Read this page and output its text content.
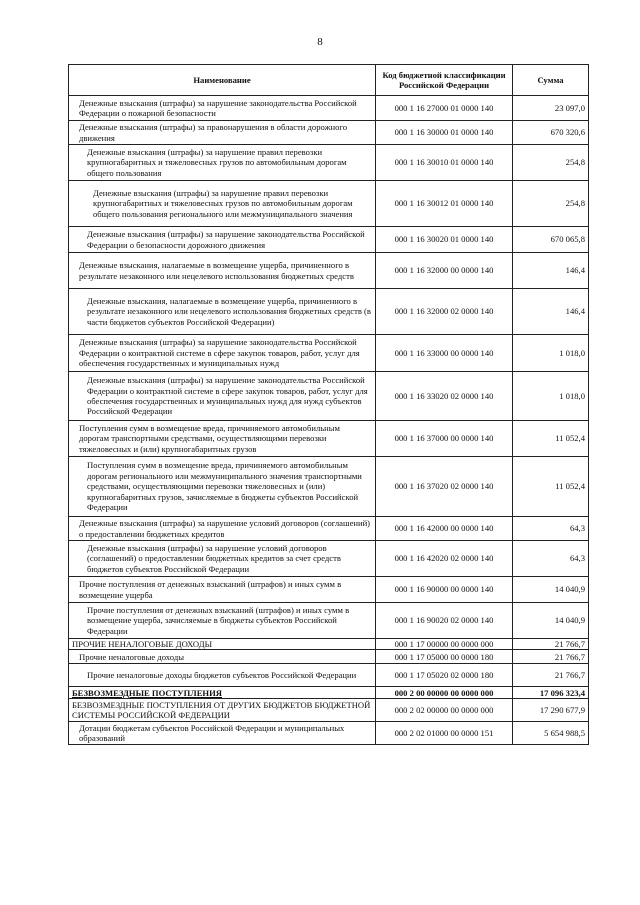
8
Наименование	Код бюджетной классификации Российской Федерации	Сумма
Денежные взыскания (штрафы) за нарушение законодательства Российской Федерации о пожарной безопасности	000 1 16 27000 01 0000 140	23 097,0
Денежные взыскания (штрафы) за правонарушения в области дорожного движения	000 1 16 30000 01 0000 140	670 320,6
Денежные взыскания (штрафы) за нарушение правил перевозки крупногабаритных и тяжеловесных грузов по автомобильным дорогам общего пользования	000 1 16 30010 01 0000 140	254,8
Денежные взыскания (штрафы) за нарушение правил перевозки крупногабаритных и тяжеловесных грузов по автомобильным дорогам общего пользования регионального или межмуниципального значения	000 1 16 30012 01 0000 140	254,8
Денежные взыскания (штрафы) за нарушение законодательства Российской Федерации о безопасности дорожного движения	000 1 16 30020 01 0000 140	670 065,8
Денежные взыскания, налагаемые в возмещение ущерба, причиненного в результате незаконного или нецелевого использования бюджетных средств	000 1 16 32000 00 0000 140	146,4
Денежные взыскания, налагаемые в возмещение ущерба, причиненного в результате незаконного или нецелевого использования бюджетных средств (в части бюджетов субъектов Российской Федерации)	000 1 16 32000 02 0000 140	146,4
Денежные взыскания (штрафы) за нарушение законодательства Российской Федерации о контрактной системе в сфере закупок товаров, работ, услуг для обеспечения государственных и муниципальных нужд	000 1 16 33000 00 0000 140	1 018,0
Денежные взыскания (штрафы) за нарушение законодательства Российской Федерации о контрактной системе в сфере закупок товаров, работ, услуг для обеспечения государственных и муниципальных нужд для нужд субъектов Российской Федерации	000 1 16 33020 02 0000 140	1 018,0
Поступления сумм в возмещение вреда, причиняемого автомобильным дорогам транспортными средствами, осуществляющими перевозки тяжеловесных и (или) крупногабаритных грузов	000 1 16 37000 00 0000 140	11 052,4
Поступления сумм в возмещение вреда, причиняемого автомобильным дорогам регионального или межмуниципального значения транспортными средствами, осуществляющими перевозки тяжеловесных и (или) крупногабаритных грузов, зачисляемые в бюджеты субъектов Российской Федерации	000 1 16 37020 02 0000 140	11 052,4
Денежные взыскания (штрафы) за нарушение условий договоров (соглашений) о предоставлении бюджетных кредитов	000 1 16 42000 00 0000 140	64,3
Денежные взыскания (штрафы) за нарушение условий договоров (соглашений) о предоставлении бюджетных кредитов за счет средств бюджетов субъектов Российской Федерации	000 1 16 42020 02 0000 140	64,3
Прочие поступления от денежных взысканий (штрафов) и иных сумм в возмещение ущерба	000 1 16 90000 00 0000 140	14 040,9
Прочие поступления от денежных взысканий (штрафов) и иных сумм в возмещение ущерба, зачисляемые в бюджеты субъектов Российской Федерации	000 1 16 90020 02 0000 140	14 040,9
ПРОЧИЕ НЕНАЛОГОВЫЕ ДОХОДЫ	000 1 17 00000 00 0000 000	21 766,7
Прочие неналоговые доходы	000 1 17 05000 00 0000 180	21 766,7
Прочие неналоговые доходы бюджетов субъектов Российской Федерации	000 1 17 05020 02 0000 180	21 766,7
БЕЗВОЗМЕЗДНЫЕ ПОСТУПЛЕНИЯ	000 2 00 00000 00 0000 000	17 096 323,4
БЕЗВОЗМЕЗДНЫЕ ПОСТУПЛЕНИЯ ОТ ДРУГИХ БЮДЖЕТОВ БЮДЖЕТНОЙ СИСТЕМЫ РОССИЙСКОЙ ФЕДЕРАЦИИ	000 2 02 00000 00 0000 000	17 290 677,9
Дотации бюджетам субъектов Российской Федерации и муниципальных образований	000 2 02 01000 00 0000 151	5 654 988,5
